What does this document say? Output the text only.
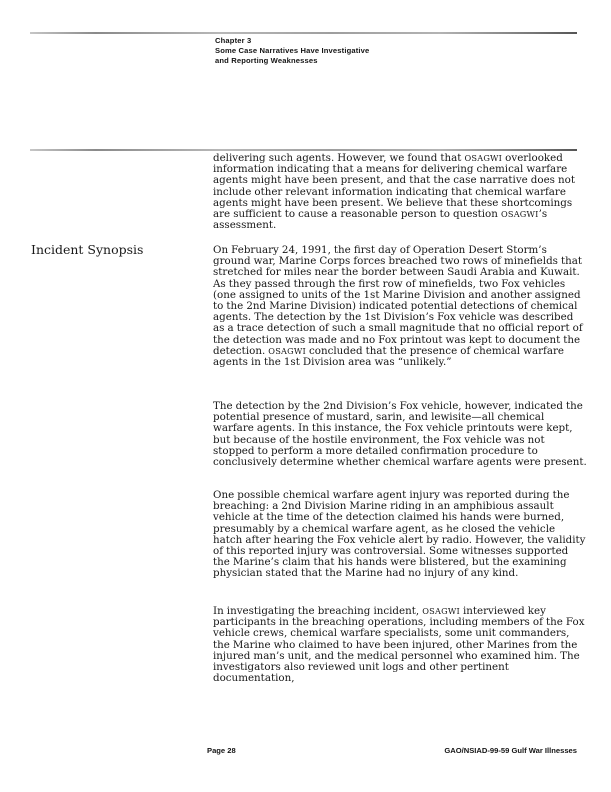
Chapter 3
Some Case Narratives Have Investigative
and Reporting Weaknesses
Incident Synopsis

delivering such agents. However, we found that OSAGWI overlooked information indicating that a means for delivering chemical warfare agents might have been present, and that the case narrative does not include other relevant information indicating that chemical warfare agents might have been present. We believe that these shortcomings are sufficient to cause a reasonable person to question OSAGWI’s assessment.

On February 24, 1991, the first day of Operation Desert Storm’s ground war, Marine Corps forces breached two rows of minefields that stretched for miles near the border between Saudi Arabia and Kuwait. As they passed through the first row of minefields, two Fox vehicles (one assigned to units of the 1st Marine Division and another assigned to the 2nd Marine Division) indicated potential detections of chemical agents. The detection by the 1st Division’s Fox vehicle was described as a trace detection of such a small magnitude that no official report of the detection was made and no Fox printout was kept to document the detection. OSAGWI concluded that the presence of chemical warfare agents in the 1st Division area was “unlikely.”

The detection by the 2nd Division’s Fox vehicle, however, indicated the potential presence of mustard, sarin, and lewisite—all chemical warfare agents. In this instance, the Fox vehicle printouts were kept, but because of the hostile environment, the Fox vehicle was not stopped to perform a more detailed confirmation procedure to conclusively determine whether chemical warfare agents were present.

One possible chemical warfare agent injury was reported during the breaching: a 2nd Division Marine riding in an amphibious assault vehicle at the time of the detection claimed his hands were burned, presumably by a chemical warfare agent, as he closed the vehicle hatch after hearing the Fox vehicle alert by radio. However, the validity of this reported injury was controversial. Some witnesses supported the Marine’s claim that his hands were blistered, but the examining physician stated that the Marine had no injury of any kind.

In investigating the breaching incident, OSAGWI interviewed key participants in the breaching operations, including members of the Fox vehicle crews, chemical warfare specialists, some unit commanders, the Marine who claimed to have been injured, other Marines from the injured man’s unit, and the medical personnel who examined him. The investigators also reviewed unit logs and other pertinent documentation,

Page 28	GAO/NSIAD-99-59 Gulf War Illnesses
